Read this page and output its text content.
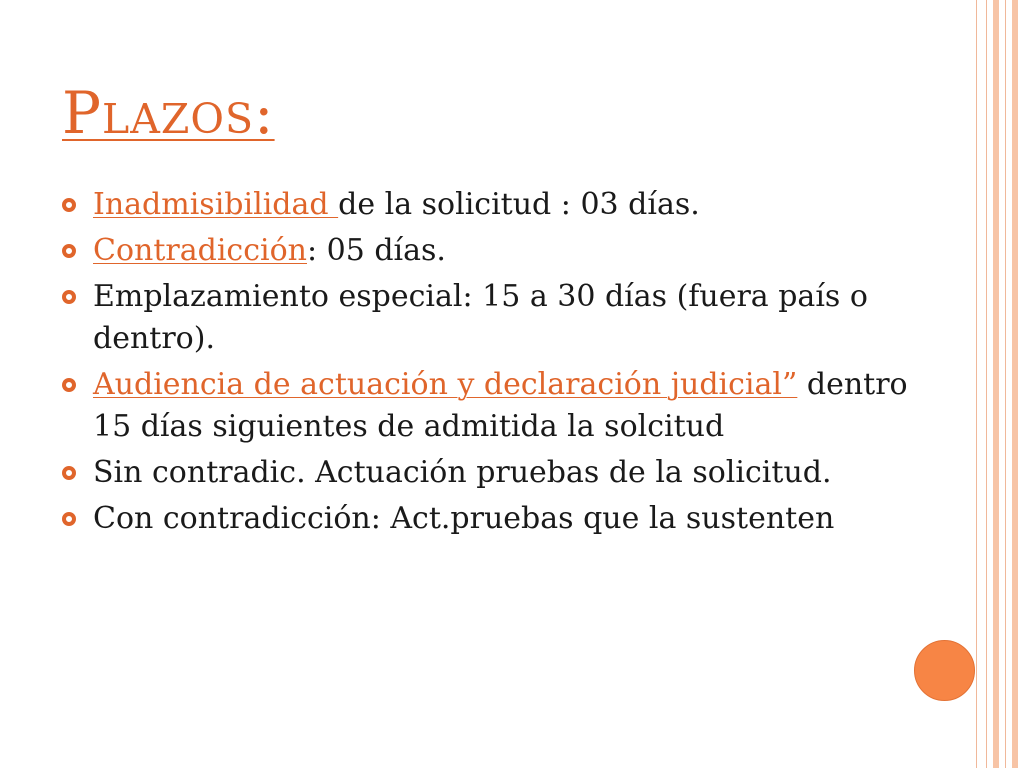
Plazos:
Inadmisibilidad de la solicitud : 03 días.
Contradicción: 05 días.
Emplazamiento especial: 15 a 30 días (fuera país o dentro).
Audiencia de actuación y declaración judicial” dentro 15 días siguientes de admitida la solcitud
Sin contradic. Actuación pruebas de la solicitud.
Con contradicción: Act.pruebas que la sustenten
